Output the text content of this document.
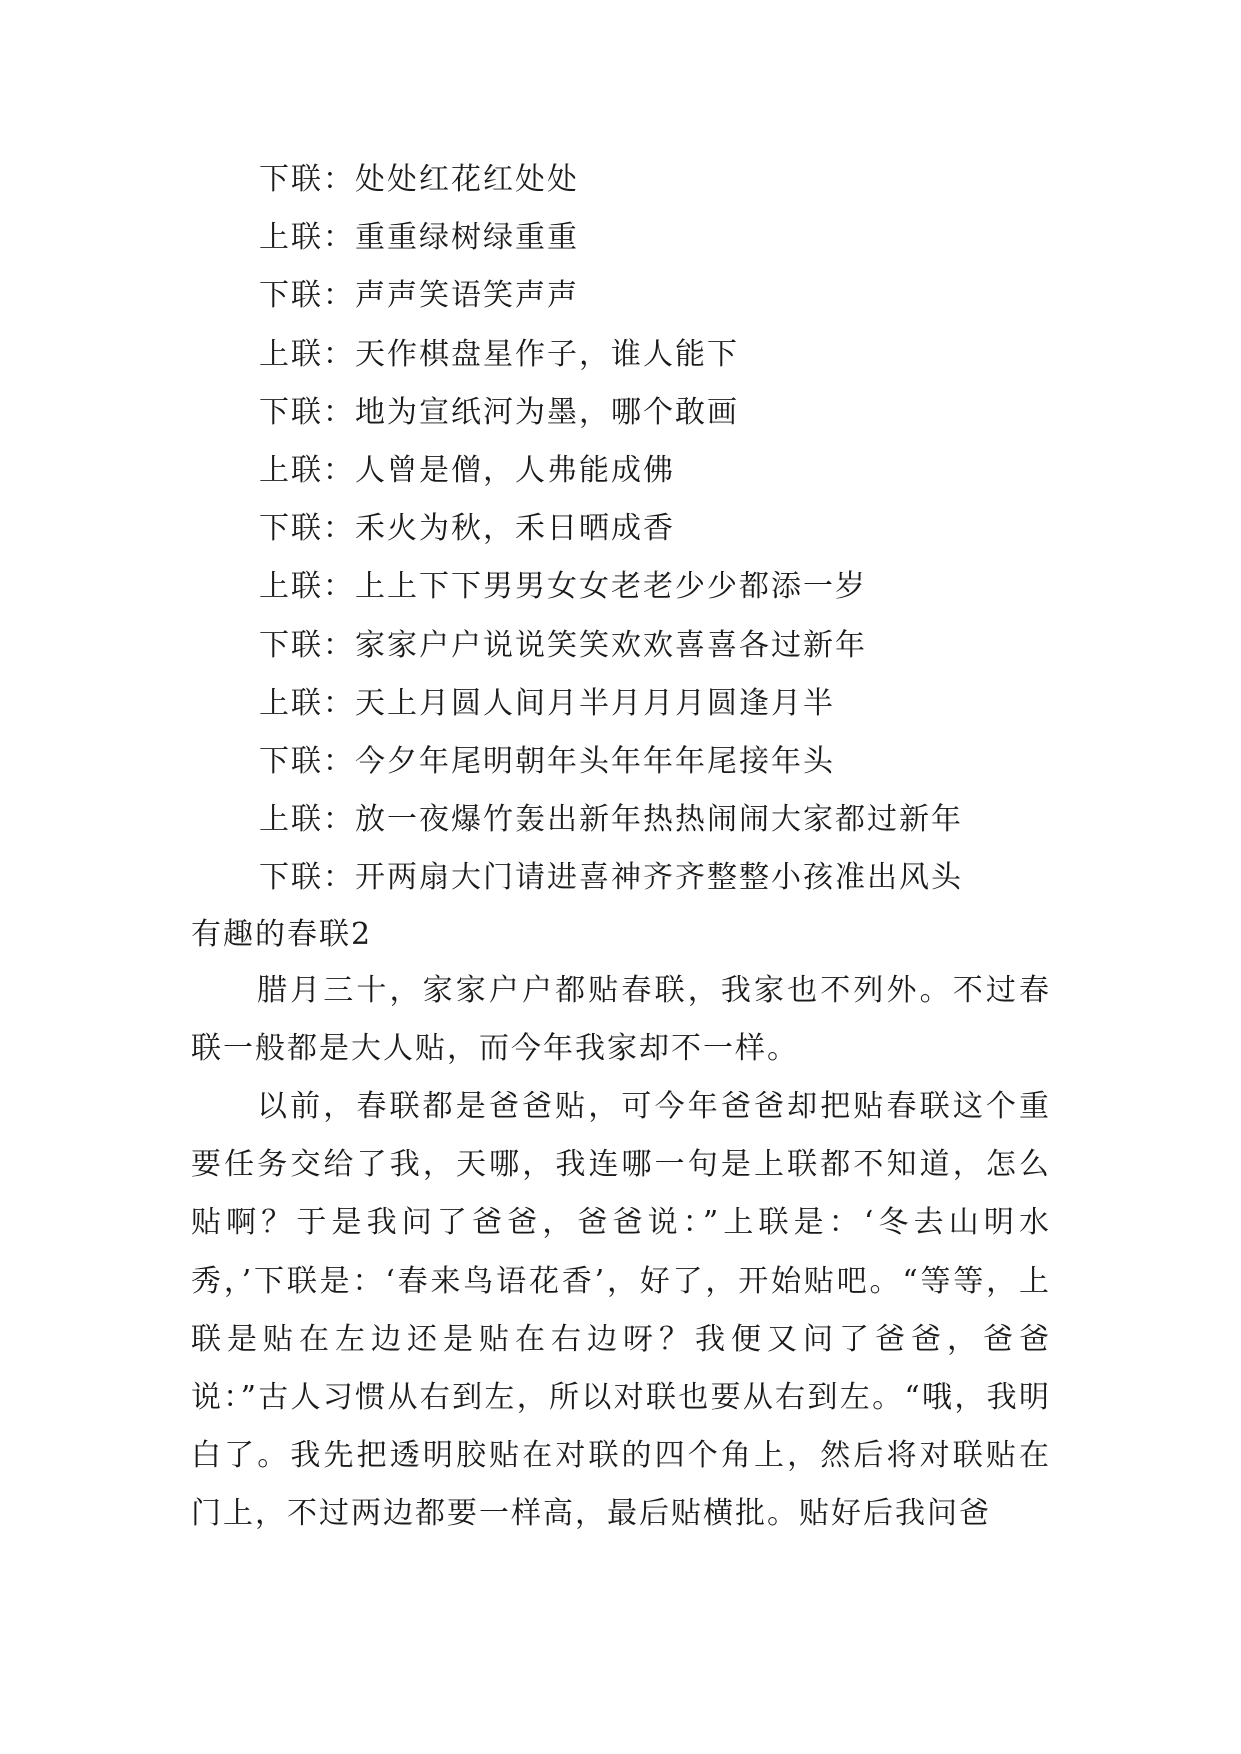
下联：处处红花红处处
上联：重重绿树绿重重
下联：声声笑语笑声声
上联：天作棋盘星作子，谁人能下
下联：地为宣纸河为墨，哪个敢画
上联：人曾是僧，人弗能成佛
下联：禾火为秋，禾日晒成香
上联：上上下下男男女女老老少少都添一岁
下联：家家户户说说笑笑欢欢喜喜各过新年
上联：天上月圆人间月半月月月圆逢月半
下联：今夕年尾明朝年头年年年尾接年头
上联：放一夜爆竹轰出新年热热闹闹大家都过新年
下联：开两扇大门请进喜神齐齐整整小孩准出风头
有趣的春联2

腊月三十，家家户户都贴春联，我家也不列外。不过春联一般都是大人贴，而今年我家却不一样。

以前，春联都是爸爸贴，可今年爸爸却把贴春联这个重要任务交给了我，天哪，我连哪一句是上联都不知道，怎么贴啊？于是我问了爸爸，爸爸说：”上联是：‘冬去山明水秀，’下联是：‘春来鸟语花香’，好了，开始贴吧。“等等，上联是贴在左边还是贴在右边呀？我便又问了爸爸，爸爸说：”古人习惯从右到左，所以对联也要从右到左。“哦，我明白了。我先把透明胶贴在对联的四个角上，然后将对联贴在门上，不过两边都要一样高，最后贴横批。贴好后我问爸
